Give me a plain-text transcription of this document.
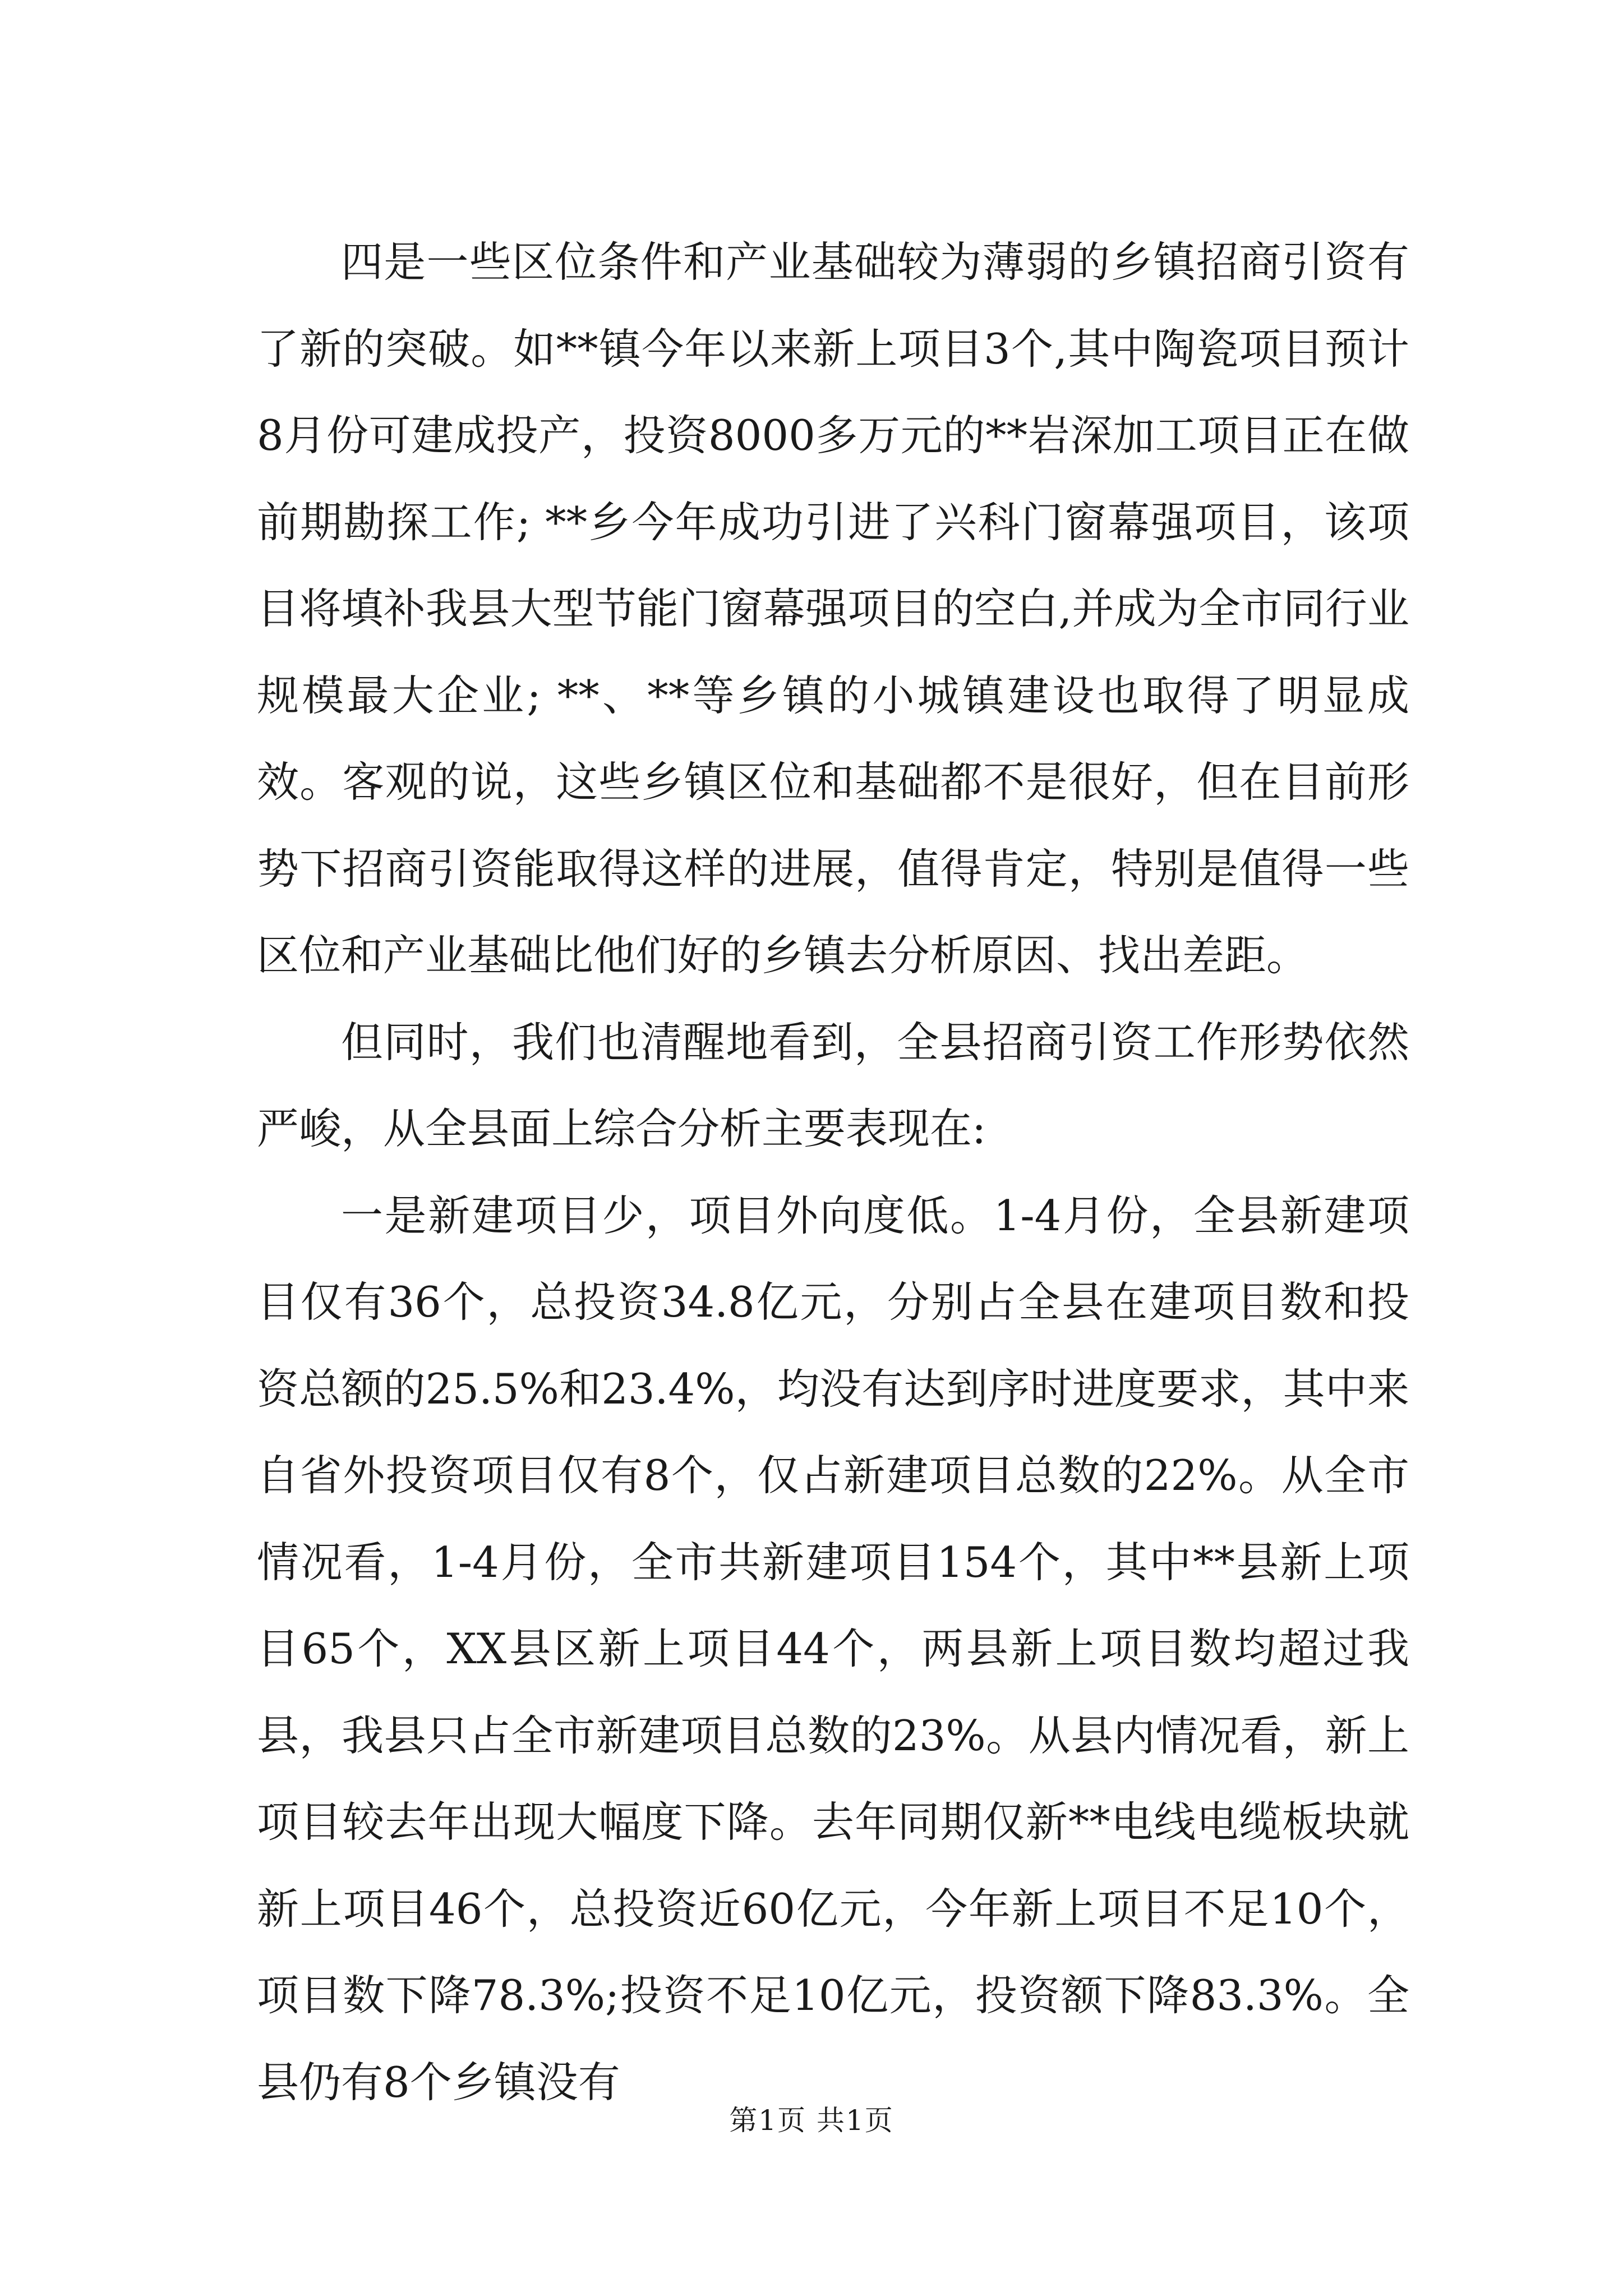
四是一些区位条件和产业基础较为薄弱的乡镇招商引资有了新的突破。如**镇今年以来新上项目3个,其中陶瓷项目预计8月份可建成投产，投资8000多万元的**岩深加工项目正在做前期勘探工作; **乡今年成功引进了兴科门窗幕强项目，该项目将填补我县大型节能门窗幕强项目的空白,并成为全市同行业规模最大企业; **、**等乡镇的小城镇建设也取得了明显成效。客观的说，这些乡镇区位和基础都不是很好，但在目前形势下招商引资能取得这样的进展，值得肯定，特别是值得一些区位和产业基础比他们好的乡镇去分析原因、找出差距。

但同时，我们也清醒地看到，全县招商引资工作形势依然严峻，从全县面上综合分析主要表现在:

一是新建项目少，项目外向度低。1-4月份，全县新建项目仅有36个，总投资34.8亿元，分别占全县在建项目数和投资总额的25.5%和23.4%，均没有达到序时进度要求，其中来自省外投资项目仅有8个，仅占新建项目总数的22%。从全市情况看，1-4月份，全市共新建项目154个，其中**县新上项目65个，XX县区新上项目44个，两县新上项目数均超过我县，我县只占全市新建项目总数的23%。从县内情况看，新上项目较去年出现大幅度下降。去年同期仅新**电线电缆板块就新上项目46个，总投资近60亿元，今年新上项目不足10个，项目数下降78.3%;投资不足10亿元，投资额下降83.3%。全县仍有8个乡镇没有

第1页 共1页
